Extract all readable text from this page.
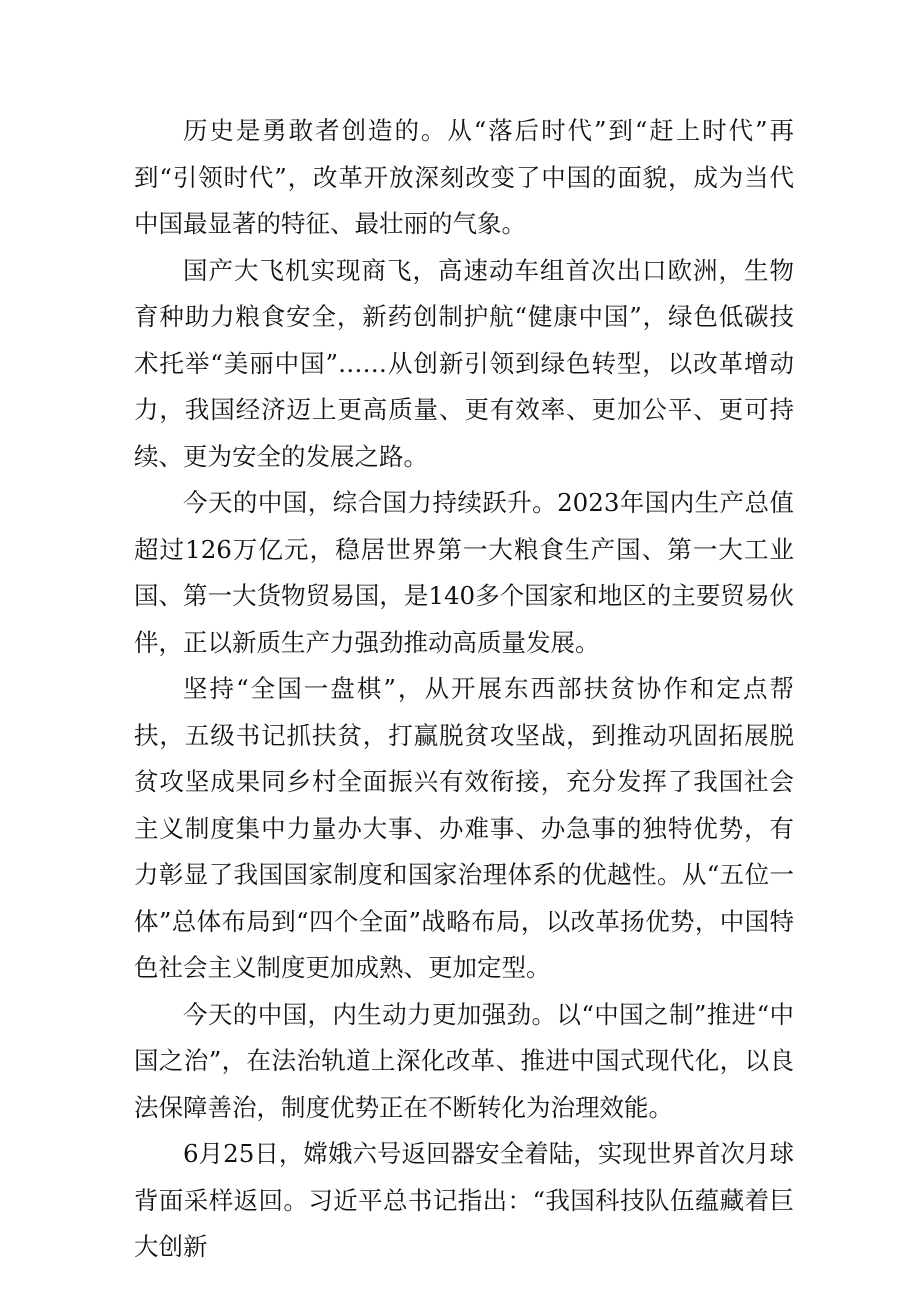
历史是勇敢者创造的。从“落后时代”到“赶上时代”再到“引领时代”，改革开放深刻改变了中国的面貌，成为当代中国最显著的特征、最壮丽的气象。

国产大飞机实现商飞，高速动车组首次出口欧洲，生物育种助力粮食安全，新药创制护航“健康中国”，绿色低碳技术托举“美丽中国”……从创新引领到绿色转型，以改革增动力，我国经济迈上更高质量、更有效率、更加公平、更可持续、更为安全的发展之路。

今天的中国，综合国力持续跃升。2023年国内生产总值超过126万亿元，稳居世界第一大粮食生产国、第一大工业国、第一大货物贸易国，是140多个国家和地区的主要贸易伙伴，正以新质生产力强劲推动高质量发展。

坚持“全国一盘棋”，从开展东西部扶贫协作和定点帮扶，五级书记抓扶贫，打赢脱贫攻坚战，到推动巩固拓展脱贫攻坚成果同乡村全面振兴有效衔接，充分发挥了我国社会主义制度集中力量办大事、办难事、办急事的独特优势，有力彰显了我国国家制度和国家治理体系的优越性。从“五位一体”总体布局到“四个全面”战略布局，以改革扬优势，中国特色社会主义制度更加成熟、更加定型。

今天的中国，内生动力更加强劲。以“中国之制”推进“中国之治”，在法治轨道上深化改革、推进中国式现代化，以良法保障善治，制度优势正在不断转化为治理效能。

6月25日，嫦娥六号返回器安全着陆，实现世界首次月球背面采样返回。习近平总书记指出：“我国科技队伍蕴藏着巨大创新
